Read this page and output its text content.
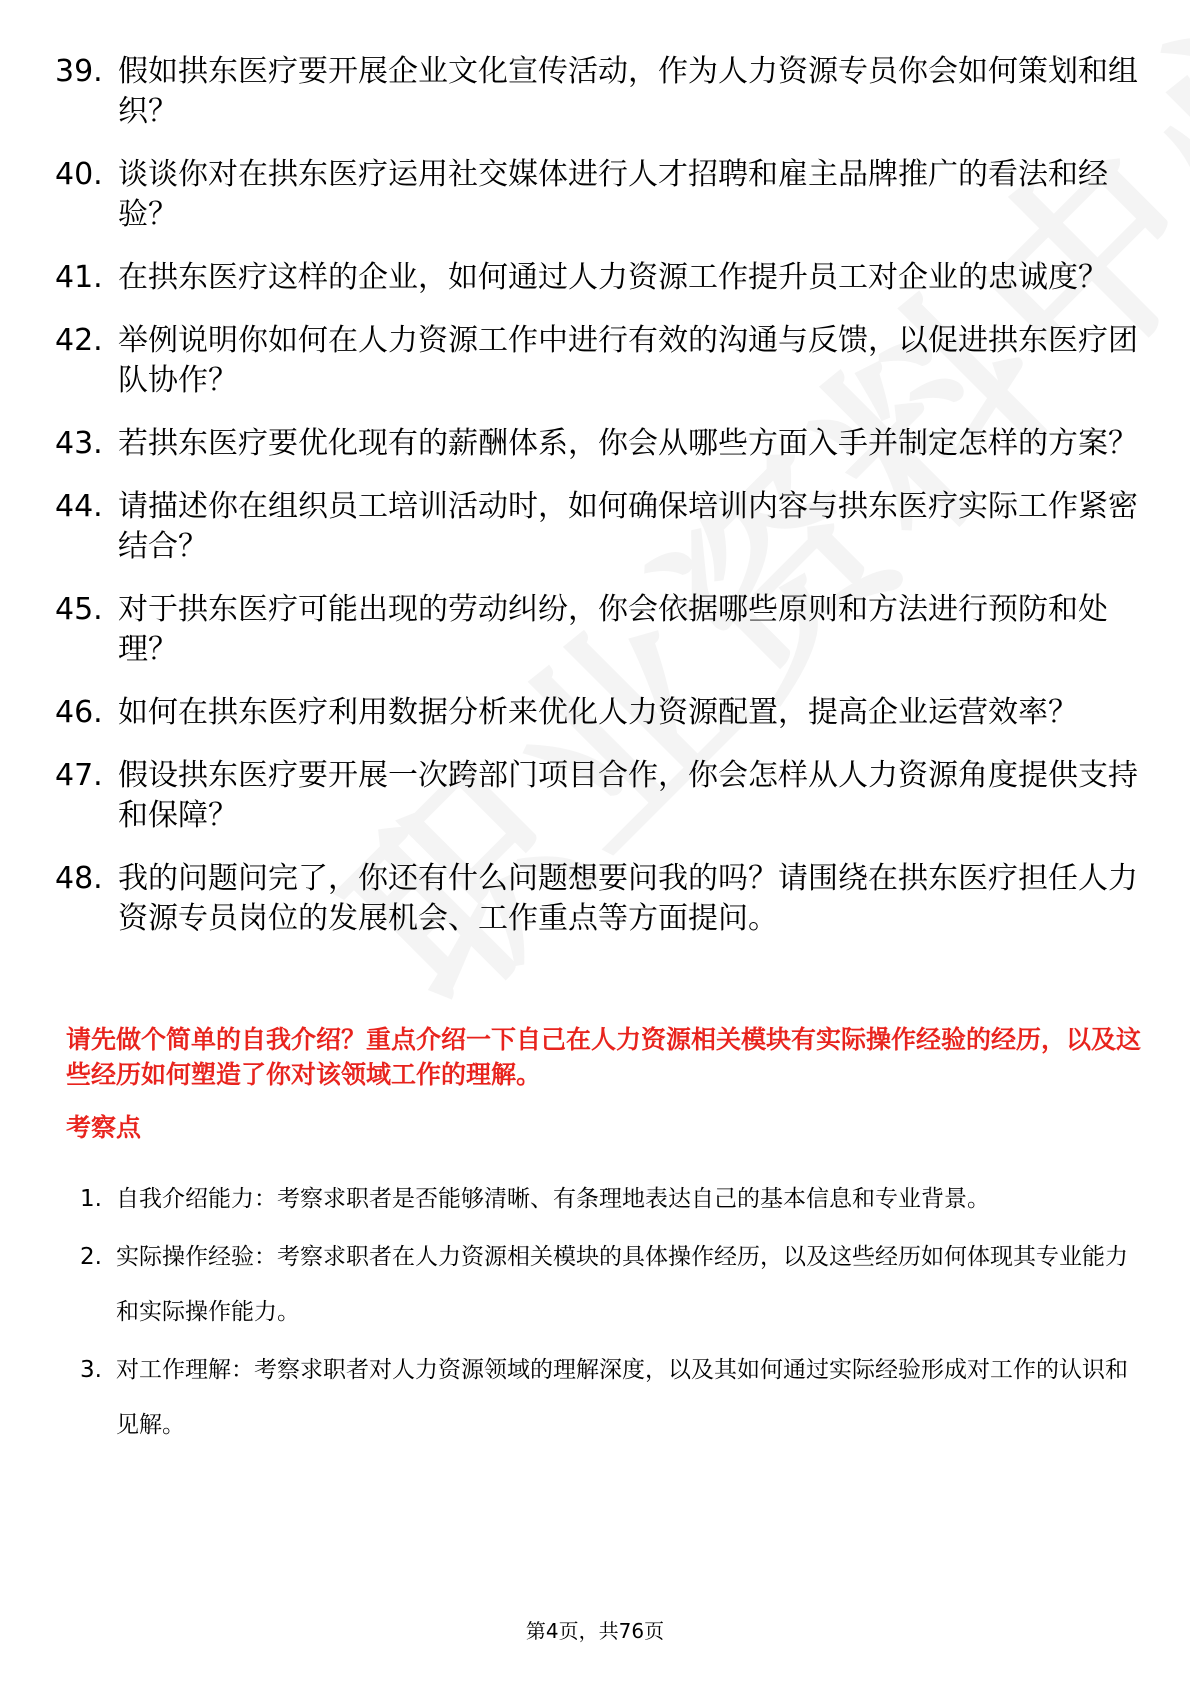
39. 假如拱东医疗要开展企业文化宣传活动，作为人力资源专员你会如何策划和组织？
40. 谈谈你对在拱东医疗运用社交媒体进行人才招聘和雇主品牌推广的看法和经验？
41. 在拱东医疗这样的企业，如何通过人力资源工作提升员工对企业的忠诚度？
42. 举例说明你如何在人力资源工作中进行有效的沟通与反馈，以促进拱东医疗团队协作？
43. 若拱东医疗要优化现有的薪酬体系，你会从哪些方面入手并制定怎样的方案？
44. 请描述你在组织员工培训活动时，如何确保培训内容与拱东医疗实际工作紧密结合？
45. 对于拱东医疗可能出现的劳动纠纷，你会依据哪些原则和方法进行预防和处理？
46. 如何在拱东医疗利用数据分析来优化人力资源配置，提高企业运营效率？
47. 假设拱东医疗要开展一次跨部门项目合作，你会怎样从人力资源角度提供支持和保障？
48. 我的问题问完了，你还有什么问题想要问我的吗？请围绕在拱东医疗担任人力资源专员岗位的发展机会、工作重点等方面提问。
请先做个简单的自我介绍？重点介绍一下自己在人力资源相关模块有实际操作经验的经历，以及这些经历如何塑造了你对该领域工作的理解。
考察点
1. 自我介绍能力：考察求职者是否能够清晰、有条理地表达自己的基本信息和专业背景。
2. 实际操作经验：考察求职者在人力资源相关模块的具体操作经历，以及这些经历如何体现其专业能力和实际操作能力。
3. 对工作理解：考察求职者对人力资源领域的理解深度，以及其如何通过实际经验形成对工作的认识和见解。
第4页，共76页
